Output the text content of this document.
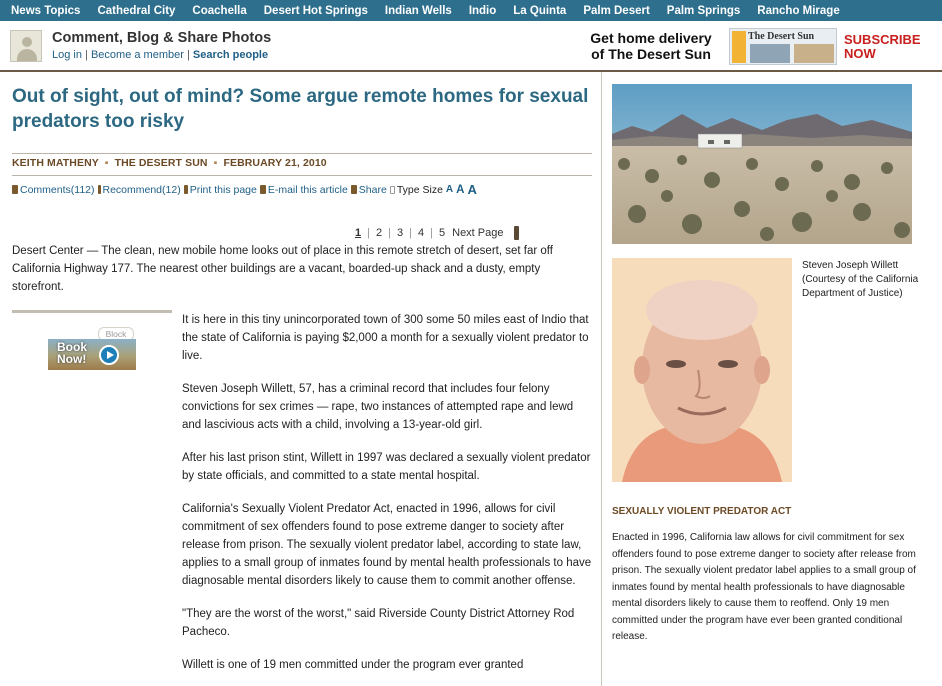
News Topics Cathedral City Coachella Desert Hot Springs Indian Wells Indio La Quinta Palm Desert Palm Springs Rancho Mirage
Comment, Blog & Share Photos
Log in | Become a member | Search people
Get home delivery
of The Desert Sun
The Desert Sun SUBSCRIBE
NOW
Out of sight, out of mind? Some argue remote homes for sexual predators too risky
KEITH MATHENY ▪ THE DESERT SUN ▪ FEBRUARY 21, 2010
Comments (112) Recommend (12) Print this page E-mail this article Share Type Size A A A
1 | 2 | 3 | 4 | 5 Next Page

Desert Center — The clean, new mobile home looks out of place in this remote stretch of desert, set far off California Highway 177. The nearest other buildings are a vacant, boarded-up shack and a dusty, empty storefront.

Block
Book
Now!

It is here in this tiny unincorporated town of 300 some 50 miles east of Indio that the state of California is paying $2,000 a month for a sexually violent predator to live.

Steven Joseph Willett, 57, has a criminal record that includes four felony convictions for sex crimes — rape, two instances of attempted rape and lewd and lascivious acts with a child, involving a 13-year-old girl.

After his last prison stint, Willett in 1997 was declared a sexually violent predator by state officials, and committed to a state mental hospital.

California's Sexually Violent Predator Act, enacted in 1996, allows for civil commitment of sex offenders found to pose extreme danger to society after release from prison. The sexually violent predator label, according to state law, applies to a small group of inmates found by mental health professionals to have diagnosable mental disorders likely to cause them to commit another offense.

"They are the worst of the worst," said Riverside County District Attorney Rod Pacheco.

Willett is one of 19 men committed under the program ever granted

Steven Joseph Willett (Courtesy of the California Department of Justice)
SEXUALLY VIOLENT PREDATOR ACT

Enacted in 1996, California law allows for civil commitment for sex offenders found to pose extreme danger to society after release from prison. The sexually violent predator label applies to a small group of inmates found by mental health professionals to have diagnosable mental disorders likely to cause them to reoffend. Only 19 men committed under the program have ever been granted conditional release.
